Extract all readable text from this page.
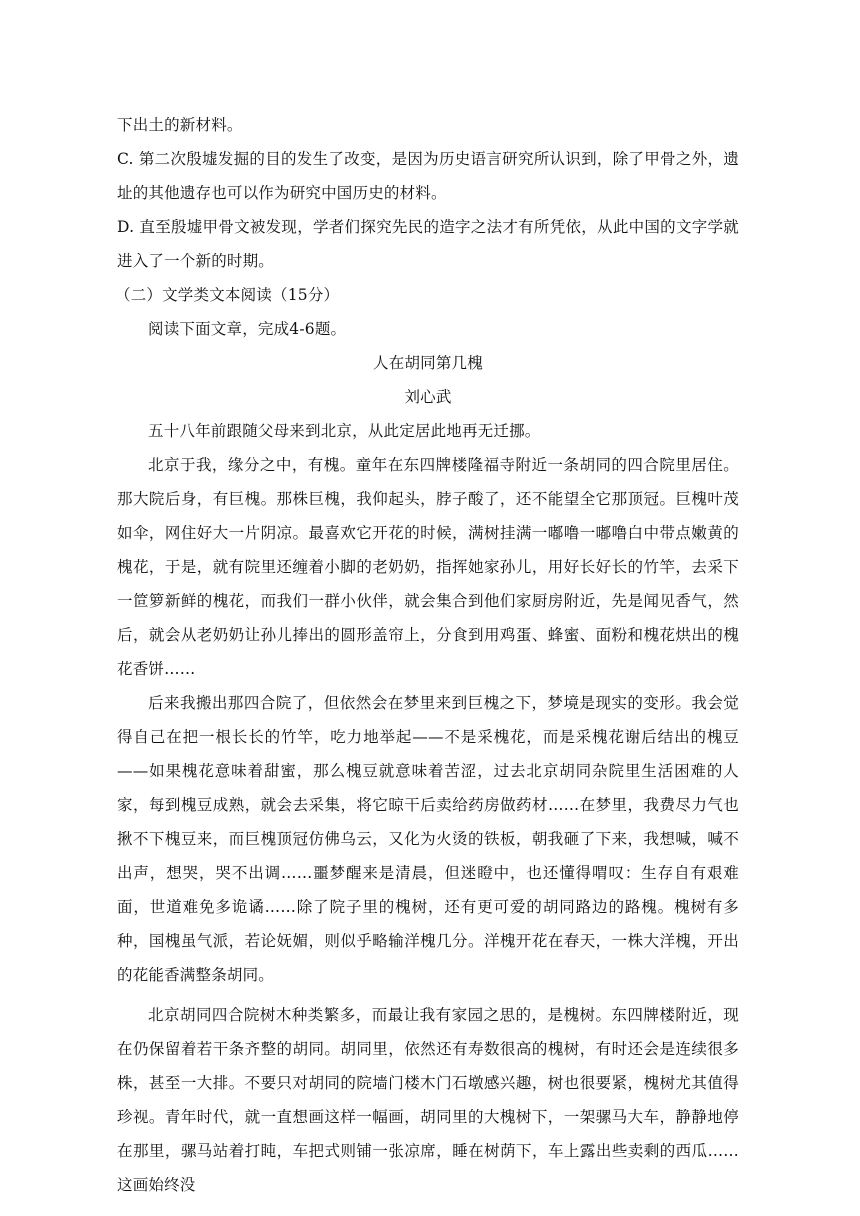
下出土的新材料。

C. 第二次殷墟发掘的目的发生了改变，是因为历史语言研究所认识到，除了甲骨之外，遗址的其他遗存也可以作为研究中国历史的材料。

D. 直至殷墟甲骨文被发现，学者们探究先民的造字之法才有所凭依，从此中国的文字学就进入了一个新的时期。

（二）文学类文本阅读（15分）

阅读下面文章，完成4-6题。

人在胡同第几槐

刘心武

五十八年前跟随父母来到北京，从此定居此地再无迁挪。

北京于我，缘分之中，有槐。童年在东四牌楼隆福寺附近一条胡同的四合院里居住。那大院后身，有巨槐。那株巨槐，我仰起头，脖子酸了，还不能望全它那顶冠。巨槐叶茂如伞，网住好大一片阴凉。最喜欢它开花的时候，满树挂满一嘟噜一嘟噜白中带点嫩黄的槐花，于是，就有院里还缠着小脚的老奶奶，指挥她家孙儿，用好长好长的竹竿，去采下一笸箩新鲜的槐花，而我们一群小伙伴，就会集合到他们家厨房附近，先是闻见香气，然后，就会从老奶奶让孙儿捧出的圆形盖帘上，分食到用鸡蛋、蜂蜜、面粉和槐花烘出的槐花香饼……

后来我搬出那四合院了，但依然会在梦里来到巨槐之下，梦境是现实的变形。我会觉得自己在把一根长长的竹竿，吃力地举起——不是采槐花，而是采槐花谢后结出的槐豆——如果槐花意味着甜蜜，那么槐豆就意味着苦涩，过去北京胡同杂院里生活困难的人家，每到槐豆成熟，就会去采集，将它晾干后卖给药房做药材……在梦里，我费尽力气也揪不下槐豆来，而巨槐顶冠仿佛乌云，又化为火烫的铁板，朝我砸了下来，我想喊，喊不出声，想哭，哭不出调……噩梦醒来是清晨，但迷瞪中，也还懂得喟叹：生存自有艰难面，世道难免多诡谲……除了院子里的槐树，还有更可爱的胡同路边的路槐。槐树有多种，国槐虽气派，若论妩媚，则似乎略输洋槐几分。洋槐开花在春天，一株大洋槐，开出的花能香满整条胡同。

北京胡同四合院树木种类繁多，而最让我有家园之思的，是槐树。东四牌楼附近，现在仍保留着若干条齐整的胡同。胡同里，依然还有寿数很高的槐树，有时还会是连续很多株，甚至一大排。不要只对胡同的院墙门楼木门石墩感兴趣，树也很要紧，槐树尤其值得珍视。青年时代，就一直想画这样一幅画，胡同里的大槐树下，一架骡马大车，静静地停在那里，骡马站着打盹，车把式则铺一张凉席，睡在树荫下，车上露出些卖剩的西瓜……这画始终没
